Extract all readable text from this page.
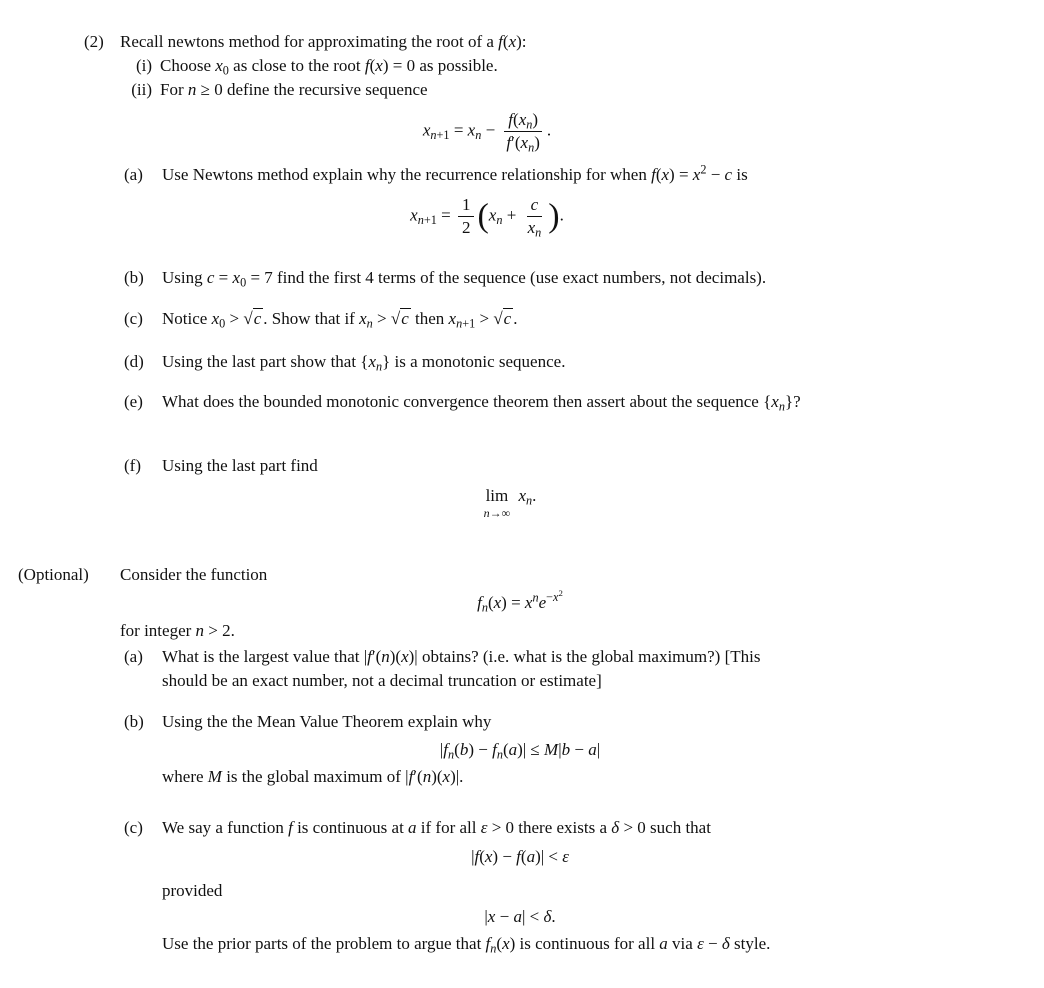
(2) Recall newtons method for approximating the root of a f(x):
(i) Choose $x_0$ as close to the root f(x) = 0 as possible.
(ii) For n ≥ 0 define the recursive sequence
$x_{n+1} = x_n - \frac{f(x_n)}{f'(x_n)}$ .
(a)	Use Newtons method explain why the recurrence relationship for when $f(x) = x^2 - c$ is
$x_{n+1} = \frac{1}{2} (x_n + \frac{c}{x_n}$ ).
(b)	Using $c = x_0 = 7$ find the first 4 terms of the sequence (use exact numbers, not decimals).
(c)	Notice $x_0 > √c$ . Show that if $x_n > √c$ then $x_{n+1} > √c$ .
(d)	Using the last part show that $\{x_n\}$ is a monotonic sequence.
(e)	What does the bounded monotonic convergence theorem then assert about the sequence $\{x_n\}$?
(f)	Using the last part find
lim
n→∞
$x_n$.
(Optional)	Consider the function
$f_n(x) = x^ne^{-x^2}$
for integer n > 2.
(a)	What is the largest value that |f′(n)(x)| obtains? (i.e. what is the global maximum?) [This
should be an exact number, not a decimal truncation or estimate]
(b)	Using the the Mean Value Theorem explain why
$|f_n(b) - f_n(a)| \le M|b - a|$
where M is the global maximum of |f′(n)(x)|.
(c)	We say a function f is continuous at a if for all ε > 0 there exists a δ > 0 such that
|f(x) − f(a)| < ε
provided
|x − a| < δ.
Use the prior parts of the problem to argue that $f_n(x)$ is continuous for all a via ε − δ style.
